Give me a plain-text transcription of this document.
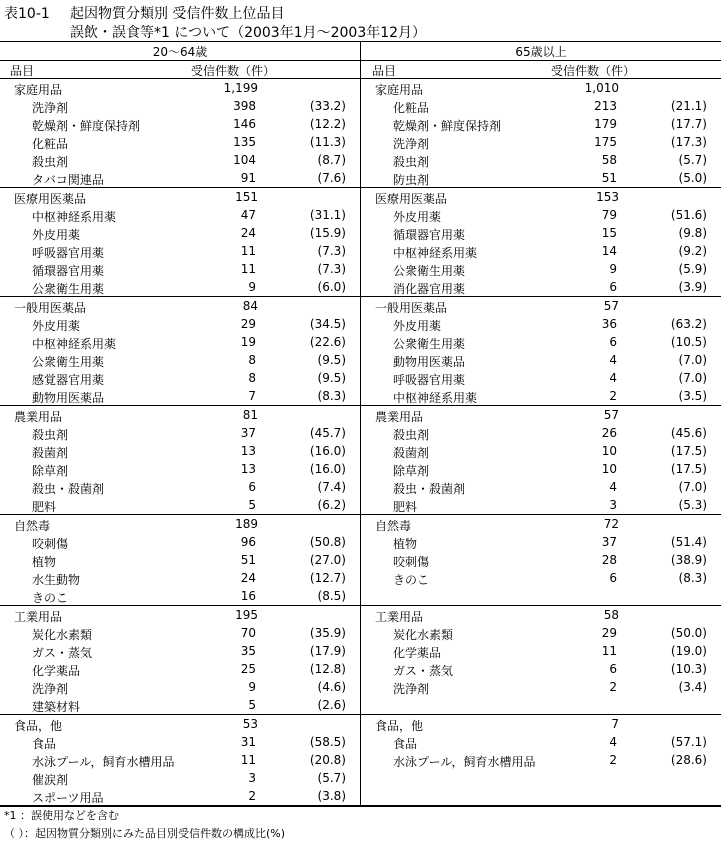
表10-1 起因物質分類別 受信件数上位品目
誤飲・誤食等*1 について（2003年1月～2003年12月）
20～64歳	65歳以上
品目	受信件数（件）	品目	受信件数（件）
家庭用品	1,199
洗浄剤	398	(33.2)
乾燥剤・鮮度保持剤	146	(12.2)
化粧品	135	(11.3)
殺虫剤	104	(8.7)
タバコ関連品	91	(7.6)
家庭用品	1,010
化粧品	213	(21.1)
乾燥剤・鮮度保持剤	179	(17.7)
洗浄剤	175	(17.3)
殺虫剤	58	(5.7)
防虫剤	51	(5.0)
医療用医薬品	151
中枢神経系用薬	47	(31.1)
外皮用薬	24	(15.9)
呼吸器官用薬	11	(7.3)
循環器官用薬	11	(7.3)
公衆衛生用薬	9	(6.0)
医療用医薬品	153
外皮用薬	79	(51.6)
循環器官用薬	15	(9.8)
中枢神経系用薬	14	(9.2)
公衆衛生用薬	9	(5.9)
消化器官用薬	6	(3.9)
一般用医薬品	84
外皮用薬	29	(34.5)
中枢神経系用薬	19	(22.6)
公衆衛生用薬	8	(9.5)
感覚器官用薬	8	(9.5)
動物用医薬品	7	(8.3)
一般用医薬品	57
外皮用薬	36	(63.2)
公衆衛生用薬	6	(10.5)
動物用医薬品	4	(7.0)
呼吸器官用薬	4	(7.0)
中枢神経系用薬	2	(3.5)
農業用品	81
殺虫剤	37	(45.7)
殺菌剤	13	(16.0)
除草剤	13	(16.0)
殺虫・殺菌剤	6	(7.4)
肥料	5	(6.2)
農業用品	57
殺虫剤	26	(45.6)
殺菌剤	10	(17.5)
除草剤	10	(17.5)
殺虫・殺菌剤	4	(7.0)
肥料	3	(5.3)
自然毒	189
咬刺傷	96	(50.8)
植物	51	(27.0)
水生動物	24	(12.7)
きのこ	16	(8.5)
自然毒	72
植物	37	(51.4)
咬刺傷	28	(38.9)
きのこ	6	(8.3)
工業用品	195
炭化水素類	70	(35.9)
ガス・蒸気	35	(17.9)
化学薬品	25	(12.8)
洗浄剤	9	(4.6)
建築材料	5	(2.6)
工業用品	58
炭化水素類	29	(50.0)
化学薬品	11	(19.0)
ガス・蒸気	6	(10.3)
洗浄剤	2	(3.4)
食品，他	53
食品	31	(58.5)
水泳プール，飼育水槽用品	11	(20.8)
催涙剤	3	(5.7)
スポーツ用品	2	(3.8)
食品，他	7
食品	4	(57.1)
水泳プール，飼育水槽用品	2	(28.6)
*1 ：誤使用などを含む
（ ）：起因物質分類別にみた品目別受信件数の構成比(%)
